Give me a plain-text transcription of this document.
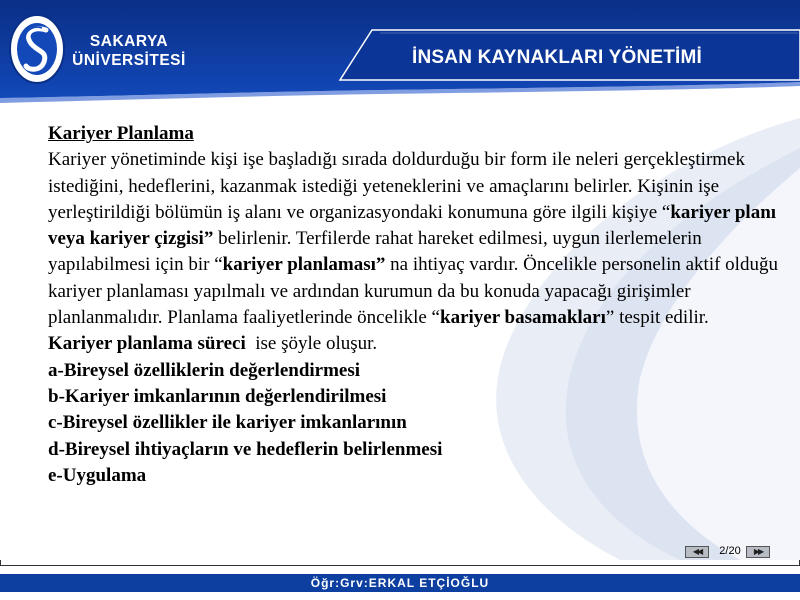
SAKARYA
ÜNİVERSİTESİ	İNSAN KAYNAKLARI YÖNETİMİ

Kariyer Planlama

Kariyer yönetiminde kişi işe başladığı sırada doldurduğu bir form ile neleri gerçekleştirmek istediğini, hedeflerini, kazanmak istediği yeteneklerini ve amaçlarını belirler. Kişinin işe yerleştirildiği bölümün iş alanı ve organizasyondaki konumuna göre ilgili kişiye “kariyer planı veya kariyer çizgisi” belirlenir. Terfilerde rahat hareket edilmesi, uygun ilerlemelerin yapılabilmesi için bir “kariyer planlaması” na ihtiyaç vardır. Öncelikle personelin aktif olduğu kariyer planlaması yapılmalı ve ardından kurumun da bu konuda yapacağı girişimler planlanmalıdır. Planlama faaliyetlerinde öncelikle “kariyer basamakları” tespit edilir.

Kariyer planlama süreci  ise şöyle oluşur.

a-Bireysel özelliklerin değerlendirmesi

b-Kariyer imkanlarının değerlendirilmesi

c-Bireysel özellikler ile kariyer imkanlarının

d-Bireysel ihtiyaçların ve hedeflerin belirlenmesi

e-Uygulama

◀◀	2/20	▶▶
Öğr:Grv:ERKAL ETÇİOĞLU
